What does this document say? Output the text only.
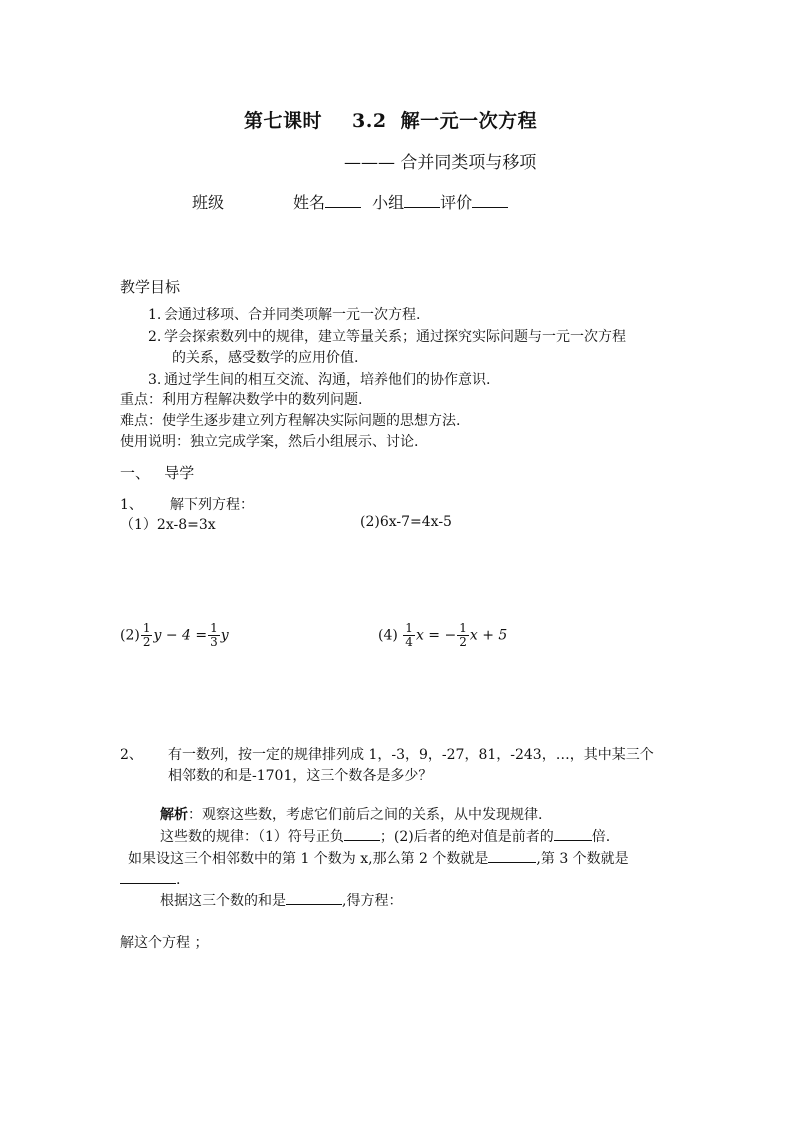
第七课时 3.2 解一元一次方程
——— 合并同类项与移项
班级	姓名	小组 评价
教学目标
1. 会通过移项、合并同类项解一元一次方程.
2. 学会探索数列中的规律，建立等量关系；通过探究实际问题与一元一次方程
的关系，感受数学的应用价值.
3. 通过学生间的相互交流、沟通，培养他们的协作意识.
重点：利用方程解决数学中的数列问题.
难点：使学生逐步建立列方程解决实际问题的思想方法.
使用说明：独立完成学案，然后小组展示、讨论.
一、   导学
1、 解下列方程：
（1）2x-8=3x	(2)6x-7=4x-5
$(2) \frac{1}{2}$ $y - 4 = \frac{1}{3}$ y	$(4) \frac{1}{4}$ x = − $\frac{1}{2}$ x + 5
2、 有一数列，按一定的规律排列成 1，-3，9，-27，81，-243，…，其中某三个
相邻数的和是-1701，这三个数各是多少？
解析：观察这些数，考虑它们前后之间的关系，从中发现规律.
这些数的规律：（1）符号正负	；(2)后者的绝对值是前者的	倍.
如果设这三个相邻数中的第 1 个数为 x,那么第 2 个数就是	,第 3 个数就是
.
根据这三个数的和是	,得方程：
解这个方程 ；
